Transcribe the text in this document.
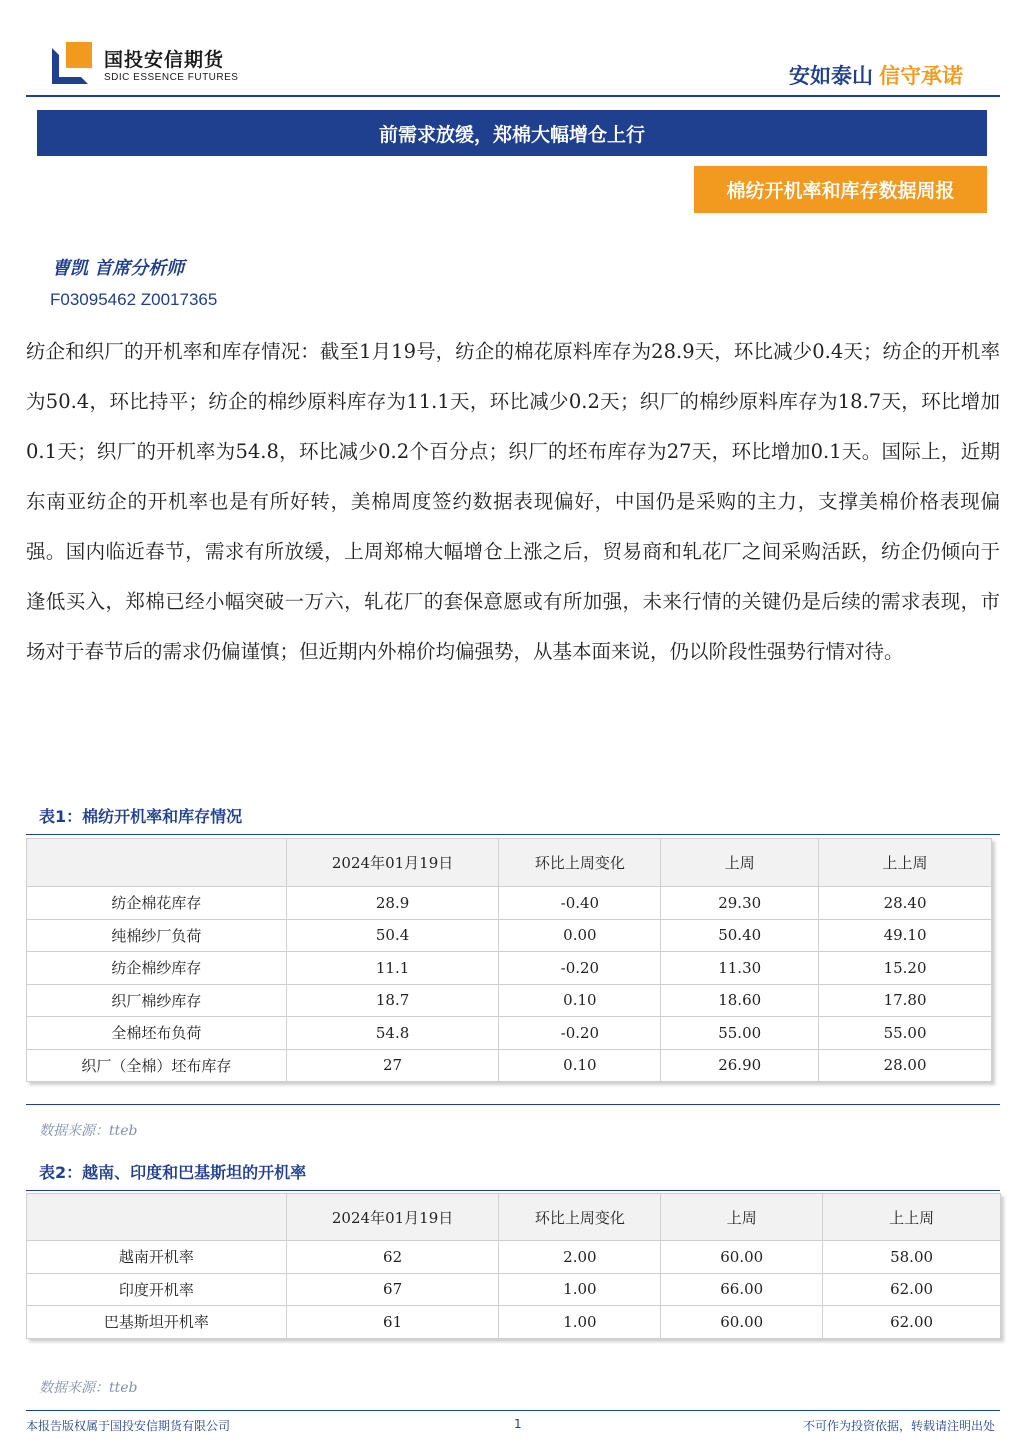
国投安信期货
SDIC ESSENCE FUTURES	安如泰山 信守承诺
前需求放缓，郑棉大幅增仓上行
棉纺开机率和库存数据周报
曹凯 首席分析师
F03095462 Z0017365
纺企和织厂的开机率和库存情况：截至1月19号，纺企的棉花原料库存为28.9天，环比减少0.4天；纺企的开机率为50.4，环比持平；纺企的棉纱原料库存为11.1天，环比减少0.2天；织厂的棉纱原料库存为18.7天，环比增加0.1天；织厂的开机率为54.8，环比减少0.2个百分点；织厂的坯布库存为27天，环比增加0.1天。国际上，近期东南亚纺企的开机率也是有所好转，美棉周度签约数据表现偏好，中国仍是采购的主力，支撑美棉价格表现偏强。国内临近春节，需求有所放缓，上周郑棉大幅增仓上涨之后，贸易商和轧花厂之间采购活跃，纺企仍倾向于逢低买入，郑棉已经小幅突破一万六，轧花厂的套保意愿或有所加强，未来行情的关键仍是后续的需求表现，市场对于春节后的需求仍偏谨慎；但近期内外棉价均偏强势，从基本面来说，仍以阶段性强势行情对待。
表1：棉纺开机率和库存情况
	2024年01月19日	环比上周变化	上周	上上周
纺企棉花库存	28.9	-0.40	29.30	28.40
纯棉纱厂负荷	50.4	0.00	50.40	49.10
纺企棉纱库存	11.1	-0.20	11.30	15.20
织厂棉纱库存	18.7	0.10	18.60	17.80
全棉坯布负荷	54.8	-0.20	55.00	55.00
织厂（全棉）坯布库存	27	0.10	26.90	28.00
数据来源：tteb
表2：越南、印度和巴基斯坦的开机率
	2024年01月19日	环比上周变化	上周	上上周
越南开机率	62	2.00	60.00	58.00
印度开机率	67	1.00	66.00	62.00
巴基斯坦开机率	61	1.00	60.00	62.00
数据来源：tteb
本报告版权属于国投安信期货有限公司	1	不可作为投资依据，转载请注明出处
